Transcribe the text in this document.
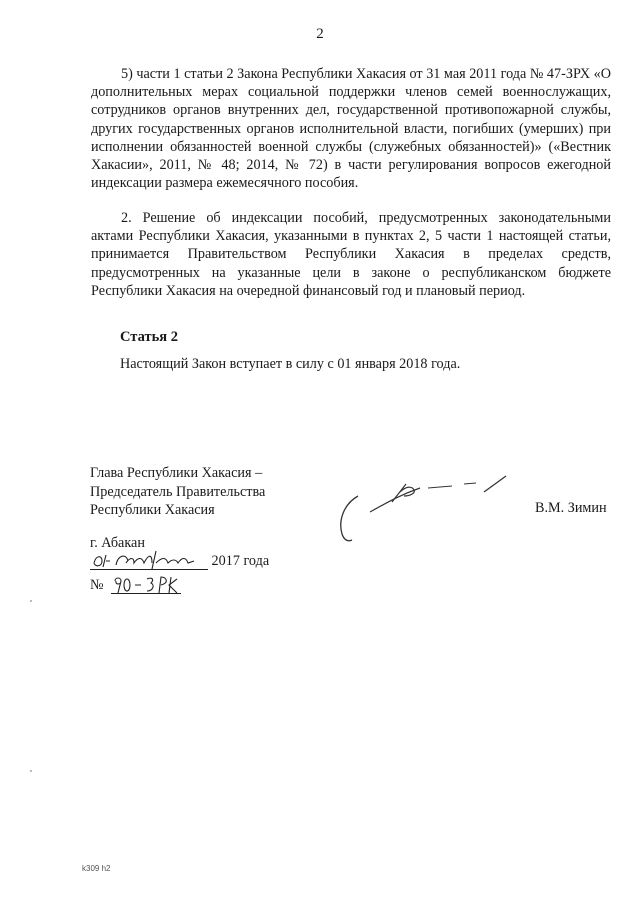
2

5) части 1 статьи 2 Закона Республики Хакасия от 31 мая 2011 года № 47-ЗРХ «О дополнительных мерах социальной поддержки членов семей военнослужащих, сотрудников органов внутренних дел, государственной противопожарной службы, других государственных органов исполнительной власти, погибших (умерших) при исполнении обязанностей военной службы (служебных обязанностей)» («Вестник Хакасии», 2011, № 48; 2014, № 72) в части регулирования вопросов ежегодной индексации размера ежемесячного пособия.

2. Решение об индексации пособий, предусмотренных законодательными актами Республики Хакасия, указанными в пунктах 2, 5 части 1 настоящей статьи, принимается Правительством Республики Хакасия в пределах средств, предусмотренных на указанные цели в законе о республиканском бюджете Республики Хакасия на очередной финансовый год и плановый период.

Статья 2
Настоящий Закон вступает в силу с 01 января 2018 года.
Глава Республики Хакасия –
Председатель Правительства
Республики Хакасия	В.М. Зимин
г. Абакан
2017 года
№
k309 h2
